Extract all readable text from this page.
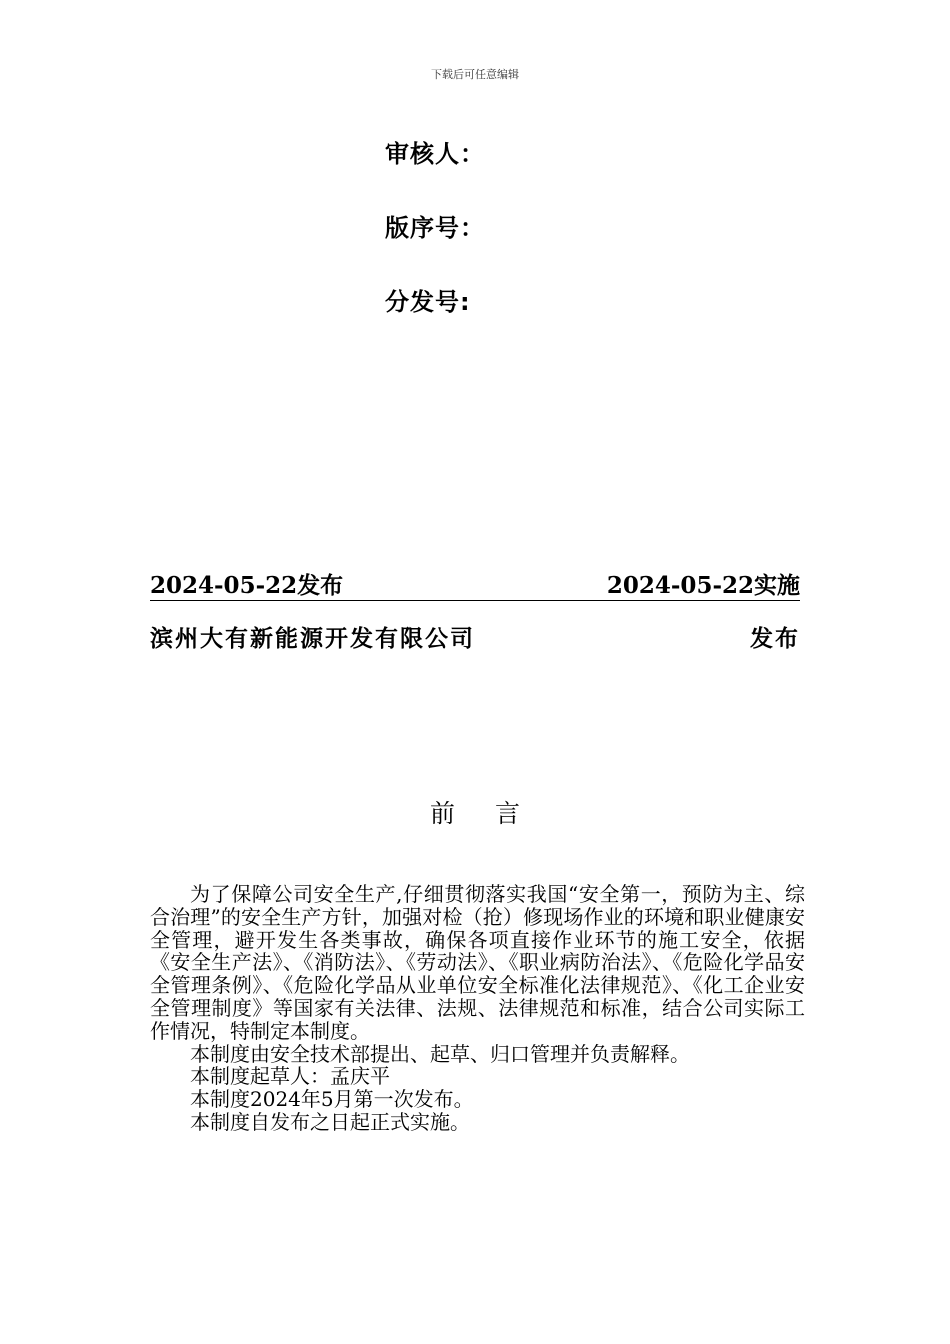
下载后可任意编辑
审核人：
版序号：
分发号:
2024-05-22发布	2024-05-22实施
滨州大有新能源开发有限公司	发布
前言

为了保障公司安全生产,仔细贯彻落实我国“安全第一，预防为主、综合治理”的安全生产方针，加强对检（抢）修现场作业的环境和职业健康安全管理，避开发生各类事故，确保各项直接作业环节的施工安全，依据《安全生产法》、《消防法》、《劳动法》、《职业病防治法》、《危险化学品安全管理条例》、《危险化学品从业单位安全标准化法律规范》、《化工企业安全管理制度》等国家有关法律、法规、法律规范和标准，结合公司实际工作情况，特制定本制度。

本制度由安全技术部提出、起草、归口管理并负责解释。

本制度起草人：孟庆平

本制度2024年5月第一次发布。

本制度自发布之日起正式实施。
